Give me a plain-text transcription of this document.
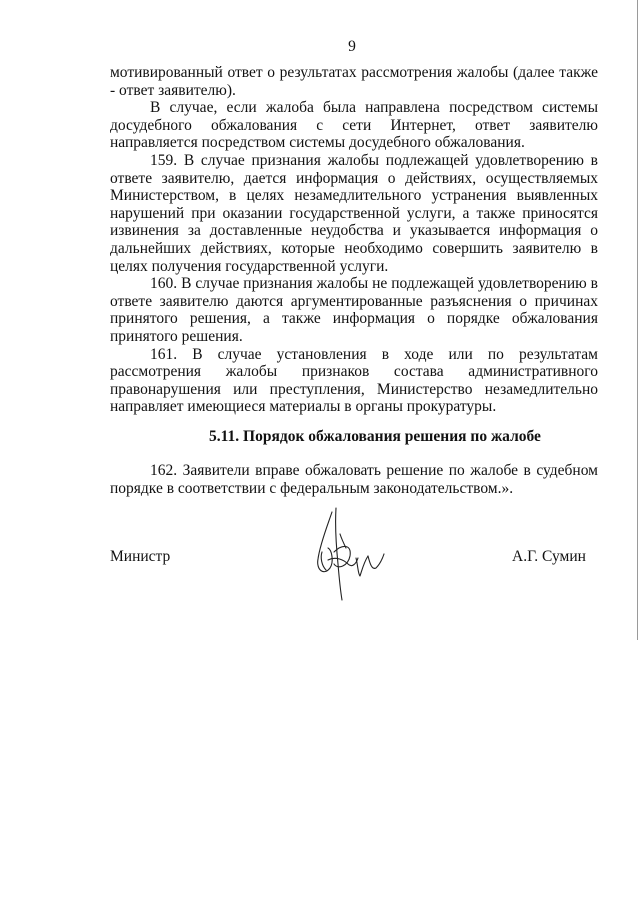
9

мотивированный ответ о результатах рассмотрения жалобы (далее также - ответ заявителю).

В случае, если жалоба была направлена посредством системы досудебного обжалования с сети Интернет, ответ заявителю направляется посредством системы досудебного обжалования.

159. В случае признания жалобы подлежащей удовлетворению в ответе заявителю, дается информация о действиях, осуществляемых Министерством, в целях незамедлительного устранения выявленных нарушений при оказании государственной услуги, а также приносятся извинения за доставленные неудобства и указывается информация о дальнейших действиях, которые необходимо совершить заявителю в целях получения государственной услуги.

160. В случае признания жалобы не подлежащей удовлетворению в ответе заявителю даются аргументированные разъяснения о причинах принятого решения, а также информация о порядке обжалования принятого решения.

161. В случае установления в ходе или по результатам рассмотрения жалобы признаков состава административного правонарушения или преступления, Министерство незамедлительно направляет имеющиеся материалы в органы прокуратуры.

5.11. Порядок обжалования решения по жалобе

162. Заявители вправе обжаловать решение по жалобе в судебном порядке в соответствии с федеральным законодательством.».

Министр	А.Г. Сумин
